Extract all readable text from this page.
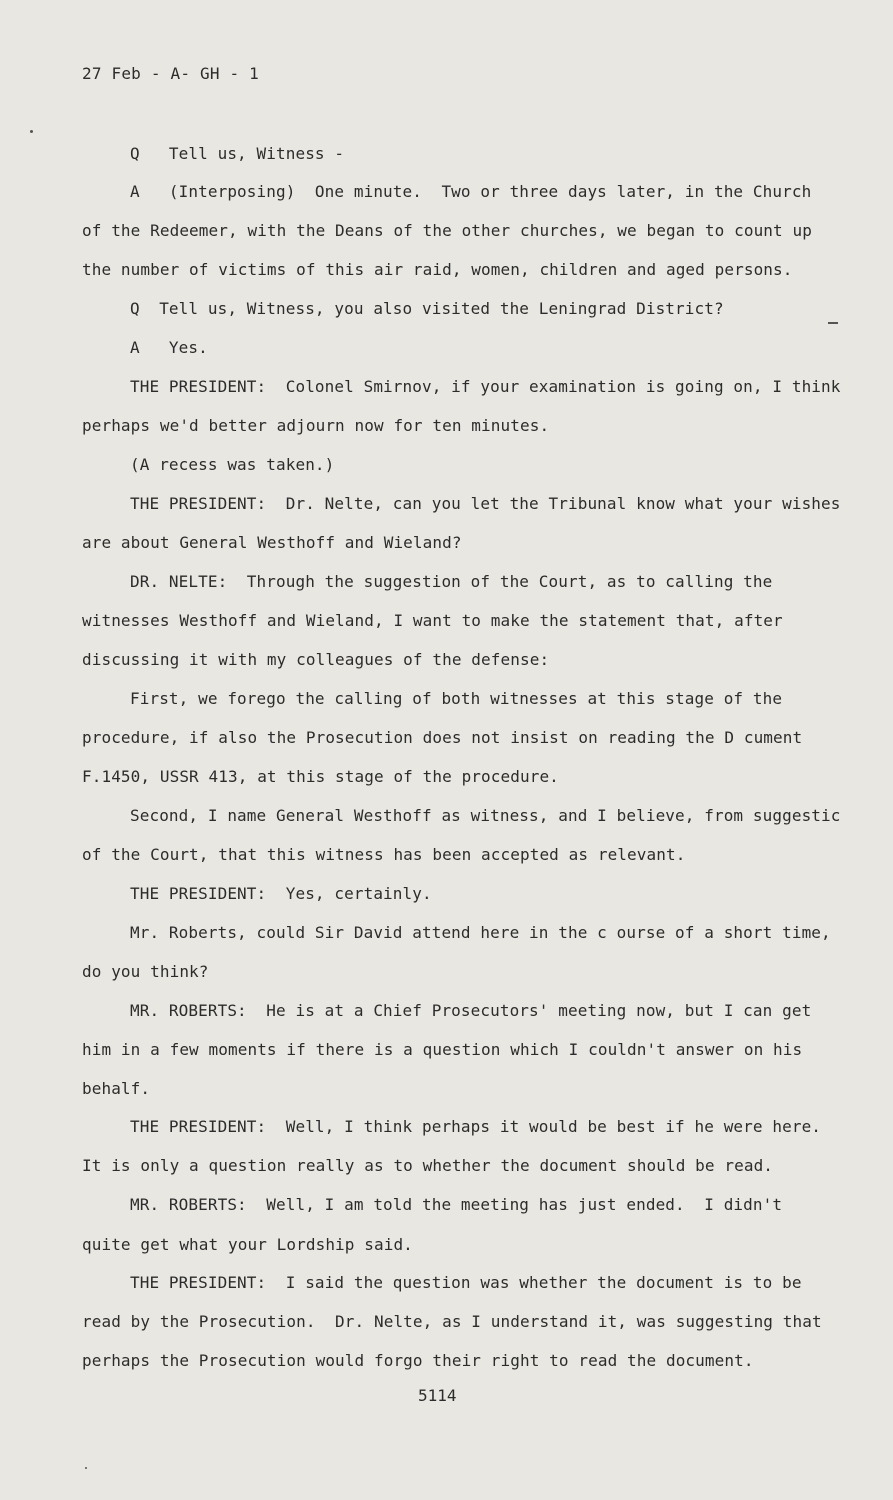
27 Feb - A- GH - 1
Q   Tell us, Witness -
A   (Interposing)  One minute.  Two or three days later, in the Church
of the Redeemer, with the Deans of the other churches, we began to count up
the number of victims of this air raid, women, children and aged persons.
Q  Tell us, Witness, you also visited the Leningrad District?
A   Yes.
THE PRESIDENT:  Colonel Smirnov, if your examination is going on, I think
perhaps we'd better adjourn now for ten minutes.
(A recess was taken.)
THE PRESIDENT:  Dr. Nelte, can you let the Tribunal know what your wishes
are about General Westhoff and Wieland?
DR. NELTE:  Through the suggestion of the Court, as to calling the
witnesses Westhoff and Wieland, I want to make the statement that, after
discussing it with my colleagues of the defense:
First, we forego the calling of both witnesses at this stage of the
procedure, if also the Prosecution does not insist on reading the D cument
F.1450, USSR 413, at this stage of the procedure.
Second, I name General Westhoff as witness, and I believe, from suggestic
of the Court, that this witness has been accepted as relevant.
THE PRESIDENT:  Yes, certainly.
Mr. Roberts, could Sir David attend here in the c ourse of a short time,
do you think?
MR. ROBERTS:  He is at a Chief Prosecutors' meeting now, but I can get
him in a few moments if there is a question which I couldn't answer on his
behalf.
THE PRESIDENT:  Well, I think perhaps it would be best if he were here.
It is only a question really as to whether the document should be read.
MR. ROBERTS:  Well, I am told the meeting has just ended.  I didn't
quite get what your Lordship said.
THE PRESIDENT:  I said the question was whether the document is to be
read by the Prosecution.  Dr. Nelte, as I understand it, was suggesting that
perhaps the Prosecution would forgo their right to read the document.
5114
